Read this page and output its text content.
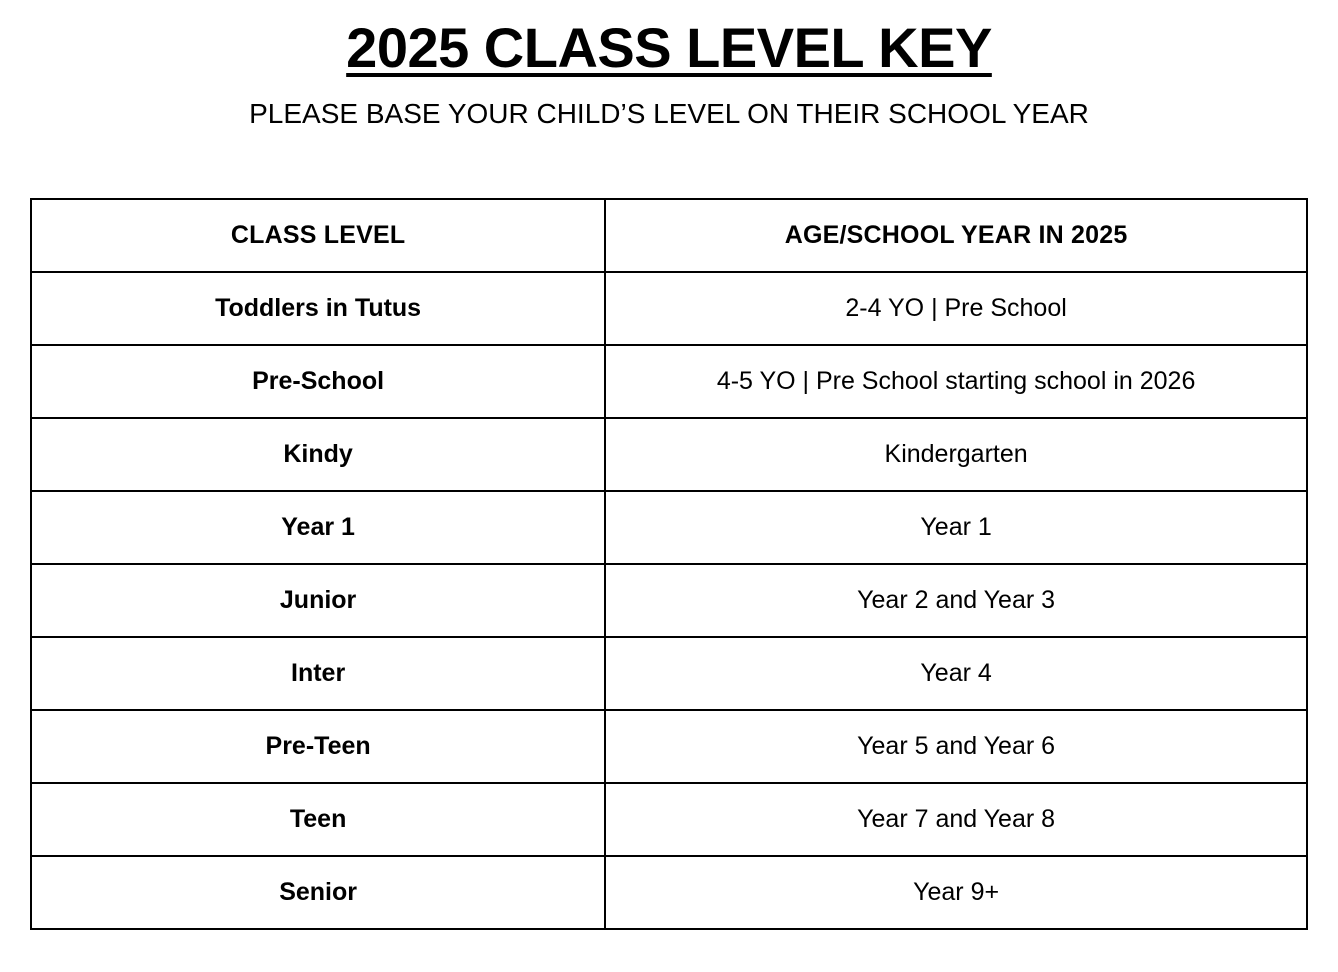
2025 CLASS LEVEL KEY

PLEASE BASE YOUR CHILD’S LEVEL ON THEIR SCHOOL YEAR

CLASS LEVEL	AGE/SCHOOL YEAR IN 2025
Toddlers in Tutus	2-4 YO | Pre School
Pre-School	4-5 YO | Pre School starting school in 2026
Kindy	Kindergarten
Year 1	Year 1
Junior	Year 2 and Year 3
Inter	Year 4
Pre-Teen	Year 5 and Year 6
Teen	Year 7 and Year 8
Senior	Year 9+
